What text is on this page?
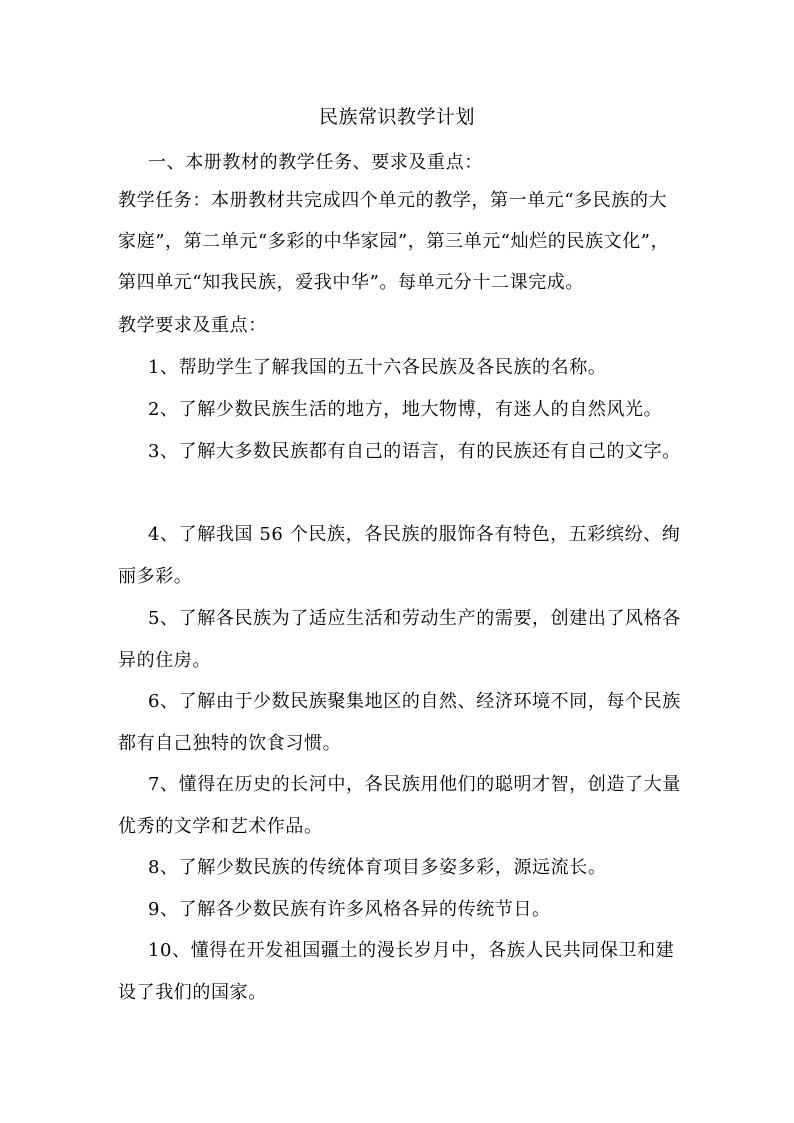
民族常识教学计划
一、本册教材的教学任务、要求及重点：
教学任务：本册教材共完成四个单元的教学，第一单元“多民族的大
家庭”，第二单元“多彩的中华家园”，第三单元“灿烂的民族文化”，
第四单元“知我民族，爱我中华”。每单元分十二课完成。
教学要求及重点：
1、帮助学生了解我国的五十六各民族及各民族的名称。
2、了解少数民族生活的地方，地大物博，有迷人的自然风光。
3、了解大多数民族都有自己的语言，有的民族还有自己的文字。
4、了解我国 56 个民族，各民族的服饰各有特色，五彩缤纷、绚
丽多彩。
5、了解各民族为了适应生活和劳动生产的需要，创建出了风格各
异的住房。
6、了解由于少数民族聚集地区的自然、经济环境不同，每个民族
都有自己独特的饮食习惯。
7、懂得在历史的长河中，各民族用他们的聪明才智，创造了大量
优秀的文学和艺术作品。
8、了解少数民族的传统体育项目多姿多彩，源远流长。
9、了解各少数民族有许多风格各异的传统节日。
10、懂得在开发祖国疆土的漫长岁月中，各族人民共同保卫和建
设了我们的国家。
